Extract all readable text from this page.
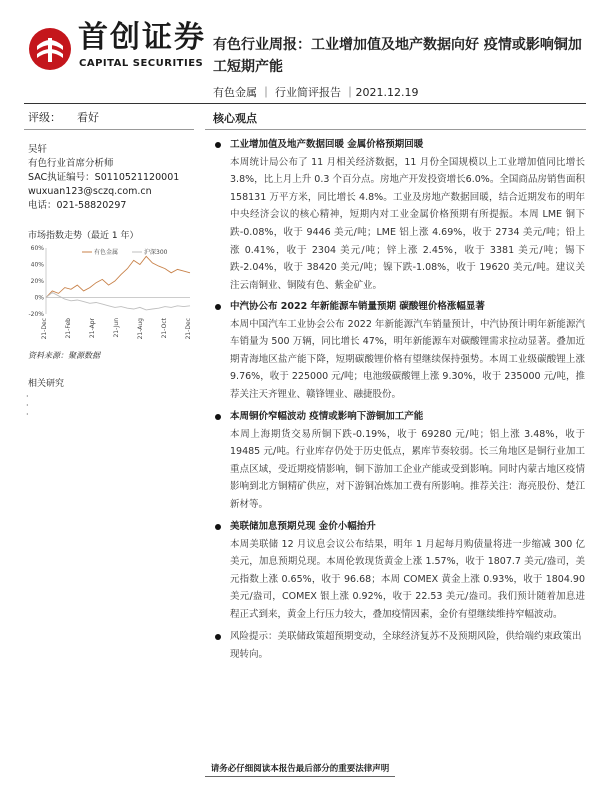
首创证券
CAPITAL SECURITIES
有色行业周报：工业增加值及地产数据向好 疫情或影响铜加工短期产能
有色金属 ｜ 行业简评报告 ｜2021.12.19
评级： 看好
吴轩
有色行业首席分析师
SAC执证编号：S0110521120001
wuxuan123@sczq.com.cn
电话：021-58820297
市场指数走势（最近 1 年）
60%
40%
20%
0%
-20%
21-Dec	21-Feb	21-Apr	21-Jun	21-Aug	21-Oct	21-Dec
有色金属	沪深300
资料来源：聚源数据
相关研究
·
·
·
核心观点
工业增加值及地产数据回暖 金属价格预期回暖
本周统计局公布了 11 月相关经济数据，11 月份全国规模以上工业增加值同比增长 3.8%，比上月上升 0.3 个百分点。房地产开发投资增长6.0%。全国商品房销售面积 158131 万平方米，同比增长 4.8%。工业及房地产数据回暖，结合近期发布的明年中央经济会议的核心精神，短期内对工业金属价格预期有所提振。本周 LME 铜下跌-0.08%，收于 9446 美元/吨；LME 铝上涨 4.69%，收于 2734 美元/吨；铅上涨 0.41%，收于 2304 美元/吨；锌上涨 2.45%，收于 3381 美元/吨；锡下跌-2.04%，收于 38420 美元/吨；镍下跌-1.08%，收于 19620 美元/吨。建议关注云南铜业、铜陵有色、紫金矿业。
中汽协公布 2022 年新能源车销量预期 碳酸锂价格涨幅显著
本周中国汽车工业协会公布 2022 年新能源汽车销量预计，中汽协预计明年新能源汽车销量为 500 万辆，同比增长 47%，明年新能源车对碳酸锂需求拉动显著。叠加近期青海地区盐产能下降，短期碳酸锂价格有望继续保持强势。本周工业级碳酸锂上涨 9.76%，收于 225000 元/吨；电池级碳酸锂上涨 9.30%，收于 235000 元/吨，推荐关注天齐锂业、赣锋锂业、融捷股份。
本周铜价窄幅波动 疫情或影响下游铜加工产能
本周上海期货交易所铜下跌-0.19%，收于 69280 元/吨；铝上涨 3.48%，收于 19485 元/吨。行业库存仍处于历史低点，累库节奏较弱。长三角地区是铜行业加工重点区域，受近期疫情影响，铜下游加工企业产能或受到影响。同时内蒙古地区疫情影响到北方铜精矿供应，对下游铜冶炼加工费有所影响。推荐关注：海亮股份、楚江新材等。
美联储加息预期兑现 金价小幅抬升
本周美联储 12 月议息会议公布结果，明年 1 月起每月购债量将进一步缩减 300 亿美元，加息预期兑现。本周伦敦现货黄金上涨 1.57%，收于 1807.7 美元/盎司，美元指数上涨 0.65%，收于 96.68；本周 COMEX 黄金上涨 0.93%，收于 1804.90 美元/盎司，COMEX 银上涨 0.92%，收于 22.53 美元/盎司。我们预计随着加息进程正式到来，黄金上行压力较大，叠加疫情因素，金价有望继续维持窄幅波动。
风险提示：美联储政策超预期变动，全球经济复苏不及预期风险，供给端约束政策出现转向。
请务必仔细阅读本报告最后部分的重要法律声明
